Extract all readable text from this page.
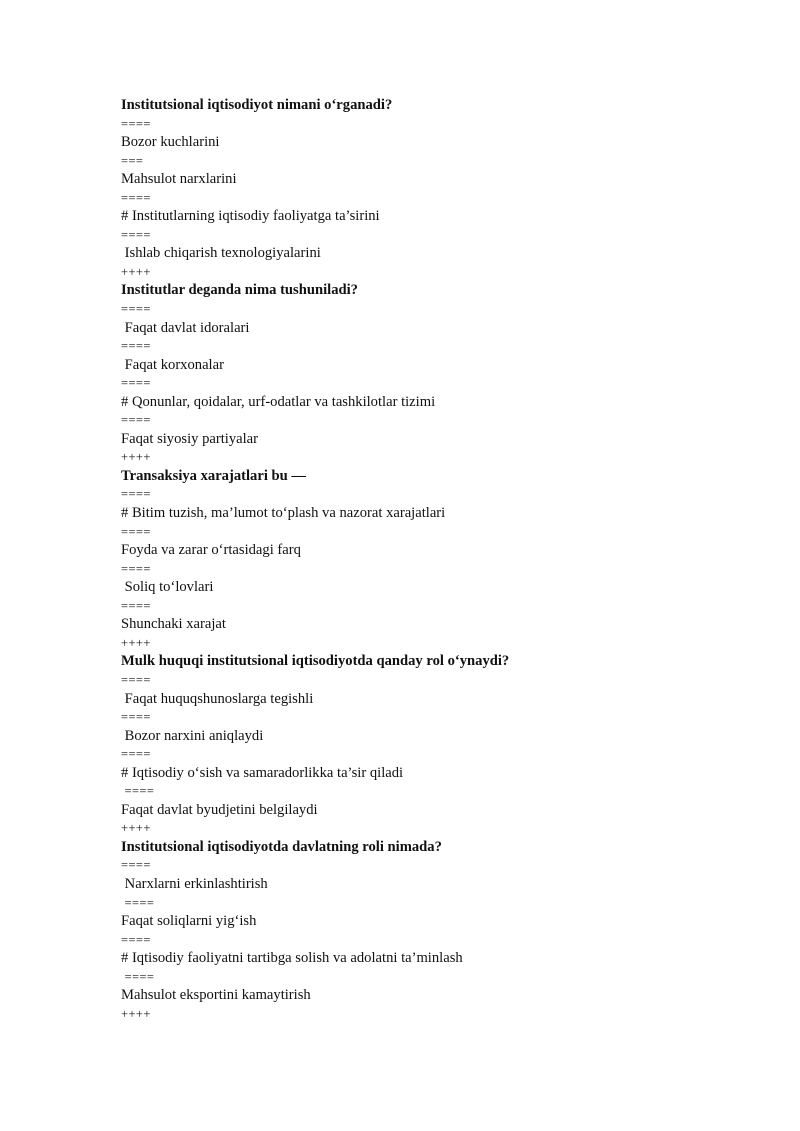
Institutsional iqtisodiyot nimani o‘rganadi?
====
Bozor kuchlarini
===
Mahsulot narxlarini
====
# Institutlarning iqtisodiy faoliyatga ta’sirini
====
Ishlab chiqarish texnologiyalarini
++++
Institutlar deganda nima tushuniladi?
====
Faqat davlat idoralari
====
Faqat korxonalar
====
# Qonunlar, qoidalar, urf-odatlar va tashkilotlar tizimi
====
Faqat siyosiy partiyalar
++++
Transaksiya xarajatlari bu —
====
# Bitim tuzish, ma’lumot to‘plash va nazorat xarajatlari
====
Foyda va zarar o‘rtasidagi farq
====
Soliq to‘lovlari
====
Shunchaki xarajat
++++
Mulk huquqi institutsional iqtisodiyotda qanday rol o‘ynaydi?
====
Faqat huquqshunoslarga tegishli
====
Bozor narxini aniqlaydi
====
# Iqtisodiy o‘sish va samaradorlikka ta’sir qiladi
====
Faqat davlat byudjetini belgilaydi
++++
Institutsional iqtisodiyotda davlatning roli nimada?
====
Narxlarni erkinlashtirish
====
Faqat soliqlarni yig‘ish
====
# Iqtisodiy faoliyatni tartibga solish va adolatni ta’minlash
====
Mahsulot eksportini kamaytirish
++++
